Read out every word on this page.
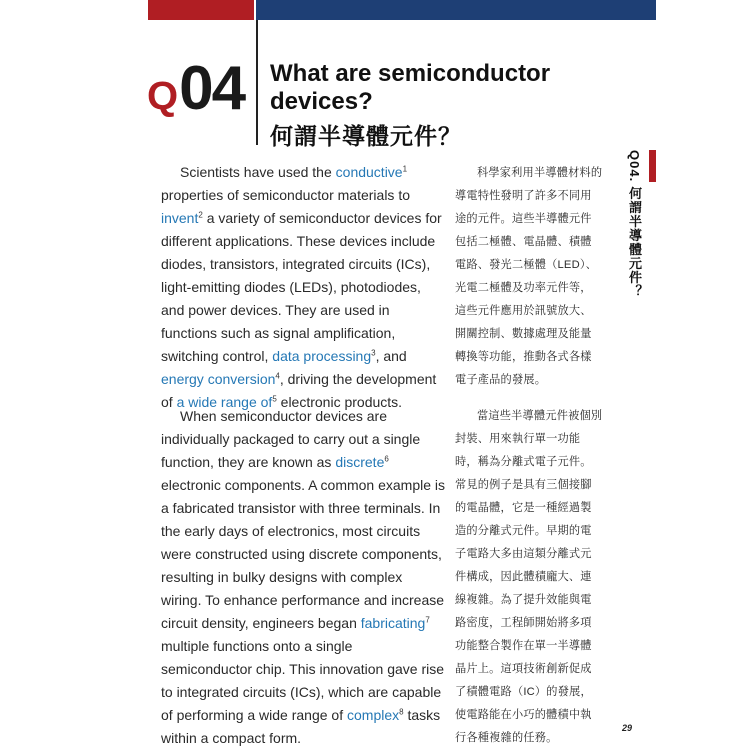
Q04 What are semiconductor devices?
何謂半導體元件？

Scientists have used the conductive$^1$ properties of semiconductor materials to invent$^2$ a variety of semiconductor devices for different applications. These devices include diodes, transistors, integrated circuits (ICs), light-emitting diodes (LEDs), photodiodes, and power devices. They are used in functions such as signal amplification, switching control, data processing$^3$, and energy conversion$^4$, driving the development of a wide range $of^5$ electronic products.

When semiconductor devices are individually packaged to carry out a single function, they are known as discrete$^6$ electronic components. A common example is a fabricated transistor with three terminals. In the early days of electronics, most circuits were constructed using discrete components, resulting in bulky designs with complex wiring. To enhance performance and increase circuit density, engineers began fabricating$^7$ multiple functions onto a single semiconductor chip. This innovation gave rise to integrated circuits (ICs), which are capable of performing a wide range of complex$^8$ tasks within a compact form.

科學家利用半導體材料的導電特性發明了許多不同用途的元件。這些半導體元件包括二極體、電晶體、積體電路、發光二極體（LED）、光電二極體及功率元件等，這些元件應用於訊號放大、開關控制、數據處理及能量轉換等功能，推動各式各樣電子產品的發展。

當這些半導體元件被個別封裝、用來執行單一功能時，稱為分離式電子元件。常見的例子是具有三個接腳的電晶體，它是一種經過製造的分離式元件。早期的電子電路大多由這類分離式元件構成，因此體積龐大、連線複雜。為了提升效能與電路密度，工程師開始將多項功能整合製作在單一半導體晶片上。這項技術創新促成了積體電路（IC）的發展，使電路能在小巧的體積中執行各種複雜的任務。

Q04. 何謂半導體元件？
29
